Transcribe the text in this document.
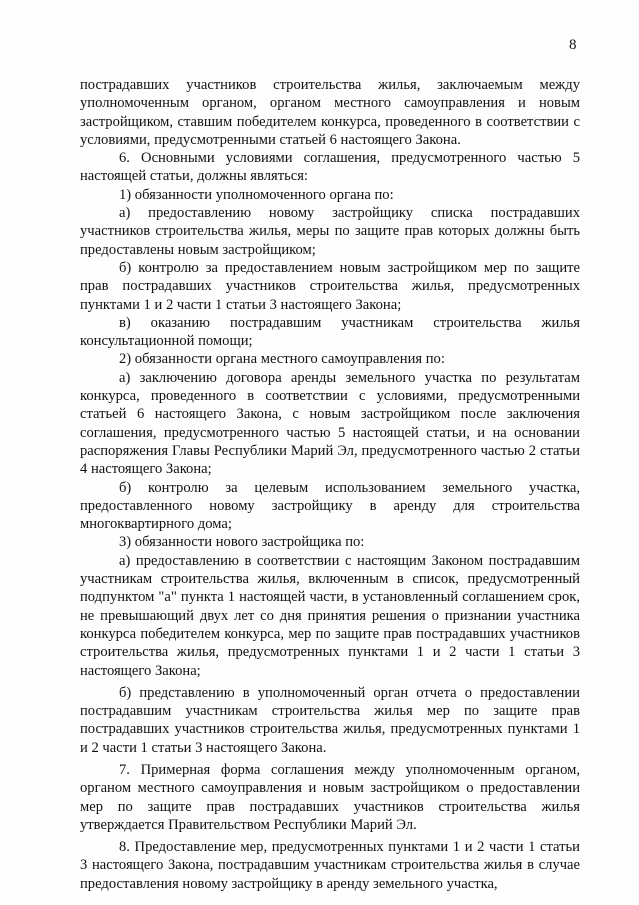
8

пострадавших участников строительства жилья, заключаемым между уполномоченным органом, органом местного самоуправления и новым застройщиком, ставшим победителем конкурса, проведенного в соответствии с условиями, предусмотренными статьей 6 настоящего Закона.

6. Основными условиями соглашения, предусмотренного частью 5 настоящей статьи, должны являться:

1) обязанности уполномоченного органа по:

а) предоставлению новому застройщику списка пострадавших участников строительства жилья, меры по защите прав которых должны быть предоставлены новым застройщиком;

б) контролю за предоставлением новым застройщиком мер по защите прав пострадавших участников строительства жилья, предусмотренных пунктами 1 и 2 части 1 статьи 3 настоящего Закона;

в) оказанию пострадавшим участникам строительства жилья консультационной помощи;

2) обязанности органа местного самоуправления по:

а) заключению договора аренды земельного участка по результатам конкурса, проведенного в соответствии с условиями, предусмотренными статьей 6 настоящего Закона, с новым застройщиком после заключения соглашения, предусмотренного частью 5 настоящей статьи, и на основании распоряжения Главы Республики Марий Эл, предусмотренного частью 2 статьи 4 настоящего Закона;

б) контролю за целевым использованием земельного участка, предоставленного новому застройщику в аренду для строительства многоквартирного дома;

3) обязанности нового застройщика по:

а) предоставлению в соответствии с настоящим Законом пострадавшим участникам строительства жилья, включенным в список, предусмотренный подпунктом "а" пункта 1 настоящей части, в установленный соглашением срок, не превышающий двух лет со дня принятия решения о признании участника конкурса победителем конкурса, мер по защите прав пострадавших участников строительства жилья, предусмотренных пунктами 1 и 2 части 1 статьи 3 настоящего Закона;

б) представлению в уполномоченный орган отчета о предоставлении пострадавшим участникам строительства жилья мер по защите прав пострадавших участников строительства жилья, предусмотренных пунктами 1 и 2 части 1 статьи 3 настоящего Закона.

7. Примерная форма соглашения между уполномоченным органом, органом местного самоуправления и новым застройщиком о предоставлении мер по защите прав пострадавших участников строительства жилья утверждается Правительством Республики Марий Эл.

8. Предоставление мер, предусмотренных пунктами 1 и 2 части 1 статьи 3 настоящего Закона, пострадавшим участникам строительства жилья в случае предоставления новому застройщику в аренду земельного участка,
